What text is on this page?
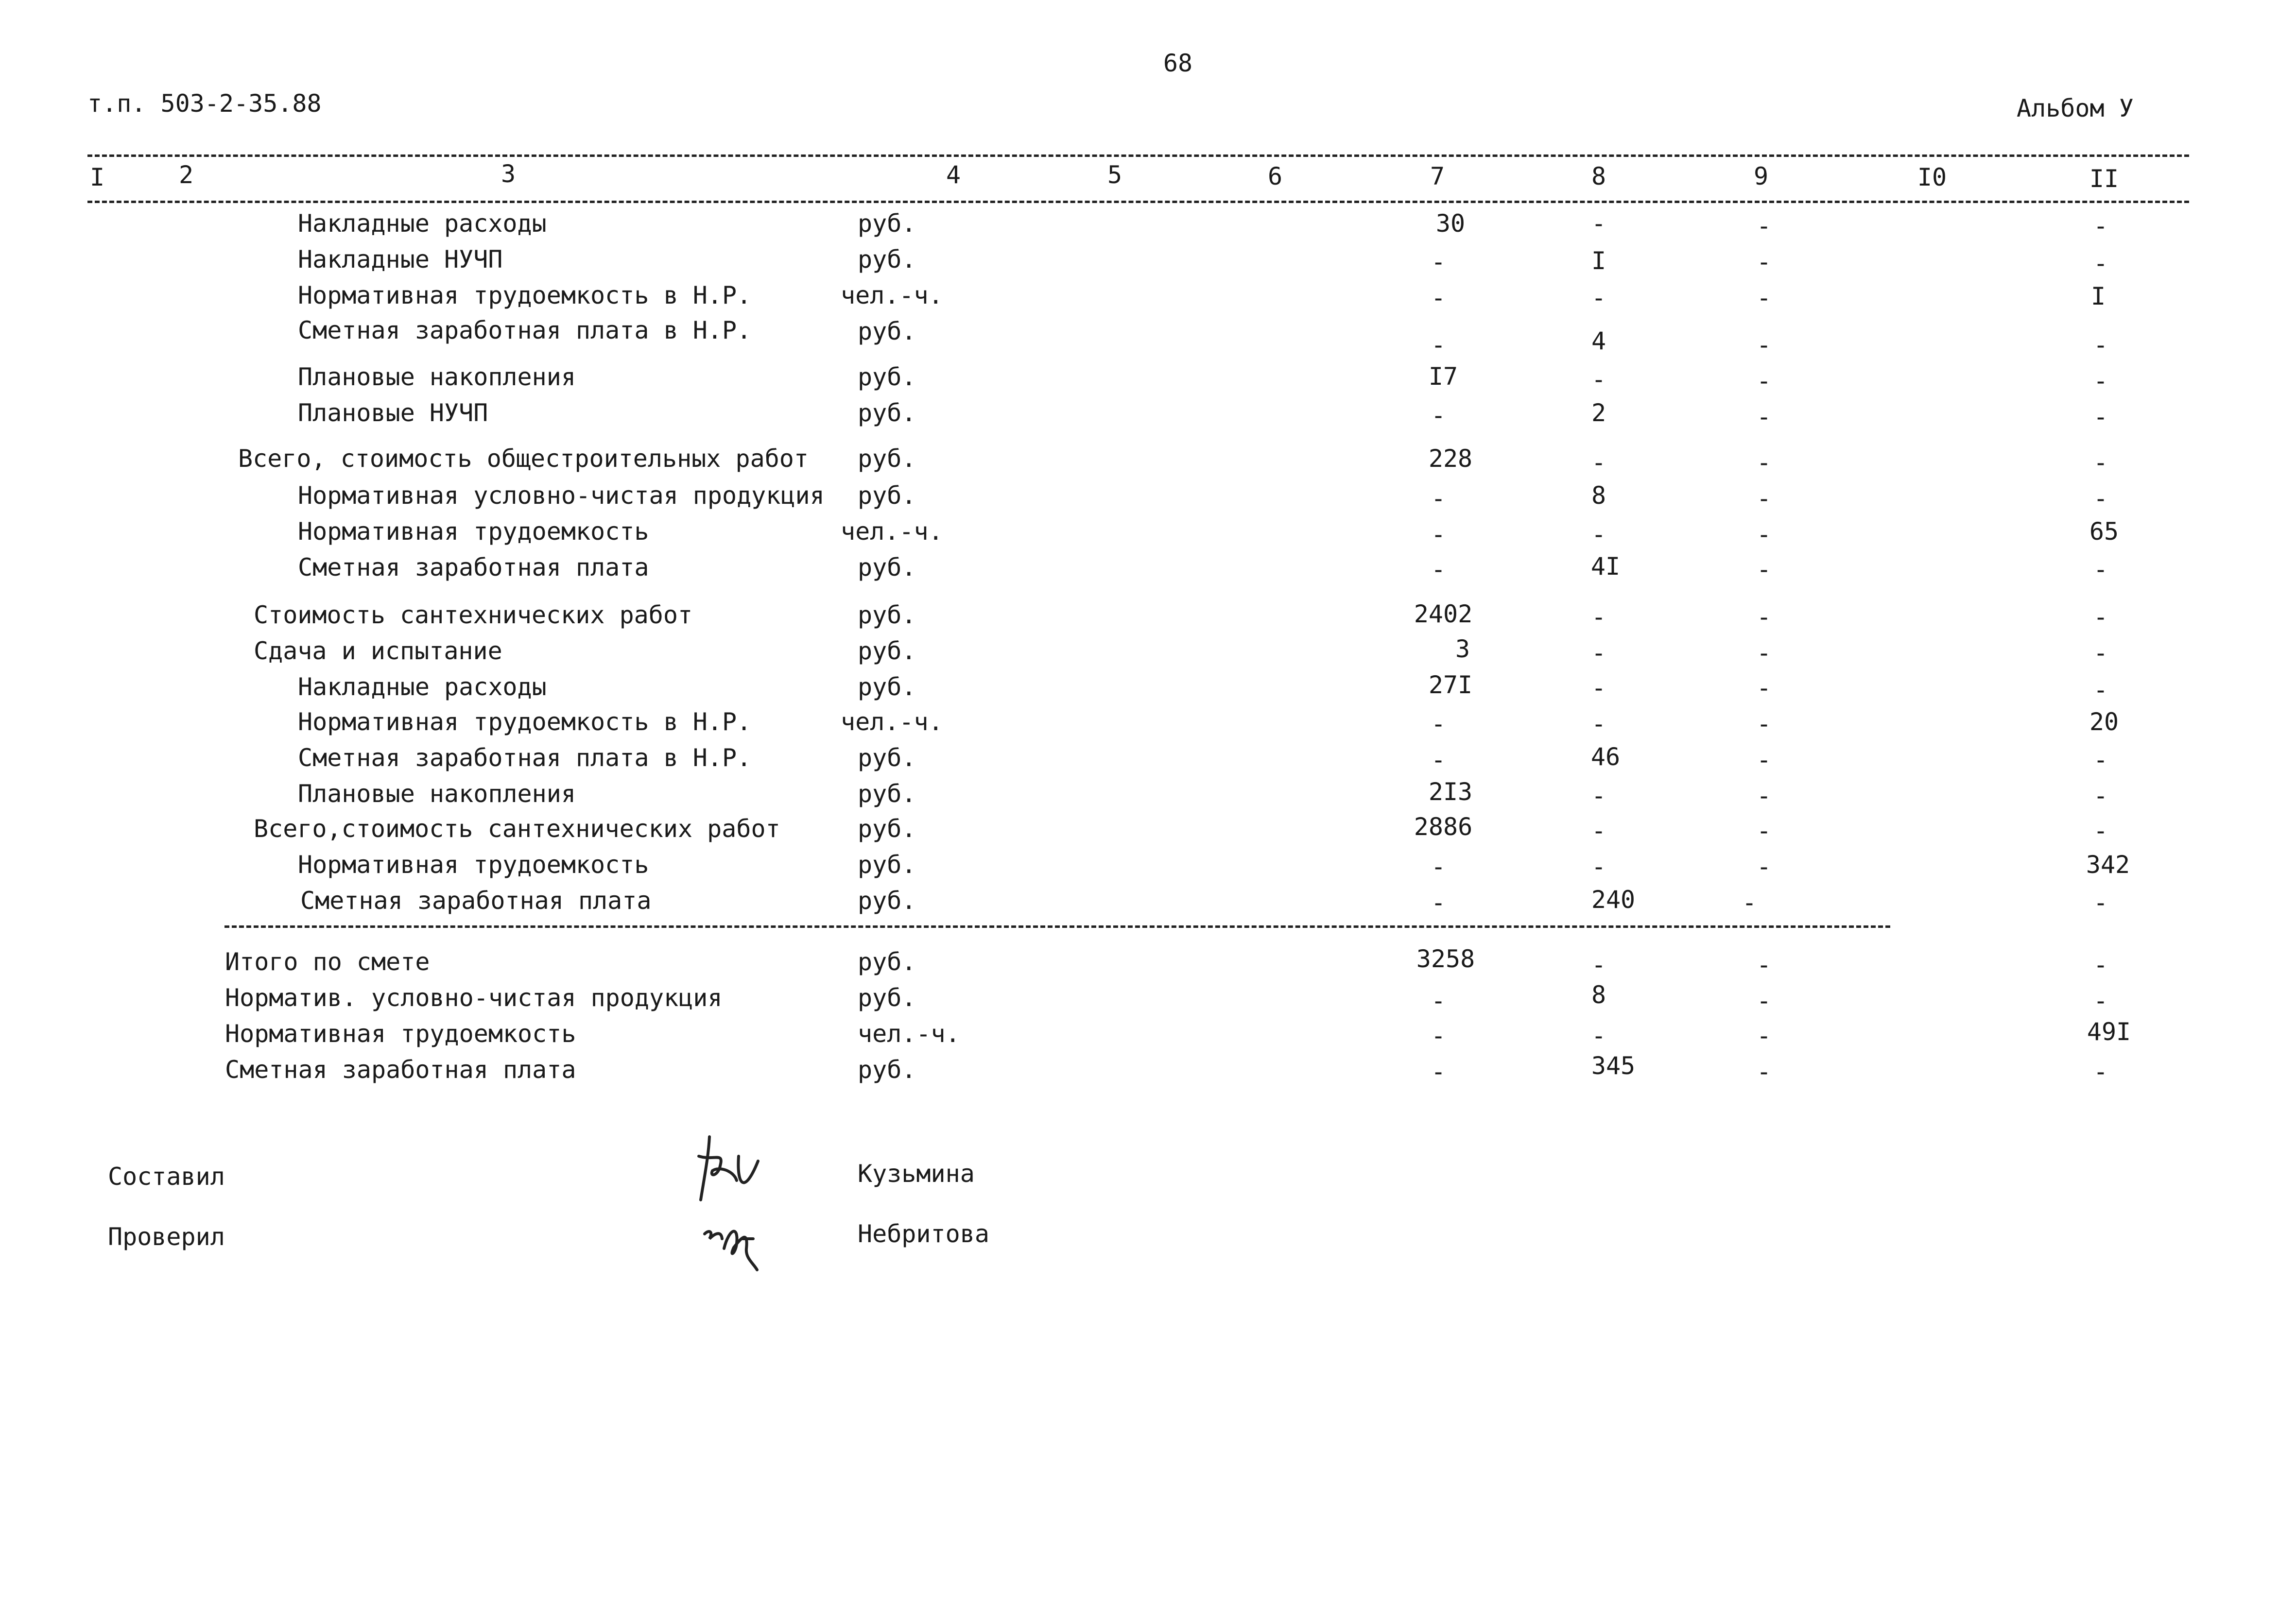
68
т.п. 503-2-35.88	Альбом У
I	2	3	4	5	6	7	8	9	I0	II
Накладные расходы	руб.	30	-	-	-
Накладные НУЧП	руб.	-	I	-	-
Нормативная трудоемкость в Н.Р.	чел.-ч.	-	-	-	I
Сметная заработная плата в Н.Р.	руб.	-	4	-	-
Плановые накопления	руб.	I7	-	-	-
Плановые НУЧП	руб.	-	2	-	-
Всего, стоимость общестроительных работ руб.	228	-	-	-
Нормативная условно-чистая продукция руб.	-	8	-	-
Нормативная трудоемкость	чел.-ч.	-	-	-	65
Сметная заработная плата	руб.	-	4I	-	-
Стоимость сантехнических работ	руб.	2402	-	-	-
Сдача и испытание	руб.	3	-	-	-
Накладные расходы	руб.	27I	-	-	-
Нормативная трудоемкость в Н.Р.	чел.-ч.	-	-	-	20
Сметная заработная плата в Н.Р.	руб.	-	46	-	-
Плановые накопления	руб.	2I3	-	-	-
Всего,стоимость сантехнических работ	руб.	2886	-	-	-
Нормативная трудоемкость	руб.	-	-	-	342
Сметная заработная плата	руб.	-	240	-	-
Итого по смете	руб.	3258	-	-	-
Норматив. условно-чистая продукция	руб.	-	8	-	-
Нормативная трудоемкость	чел.-ч.	-	-	-	49I
Сметная заработная плата	руб.	-	345	-	-
Составил	Кузьмина
Проверил	Небритова
